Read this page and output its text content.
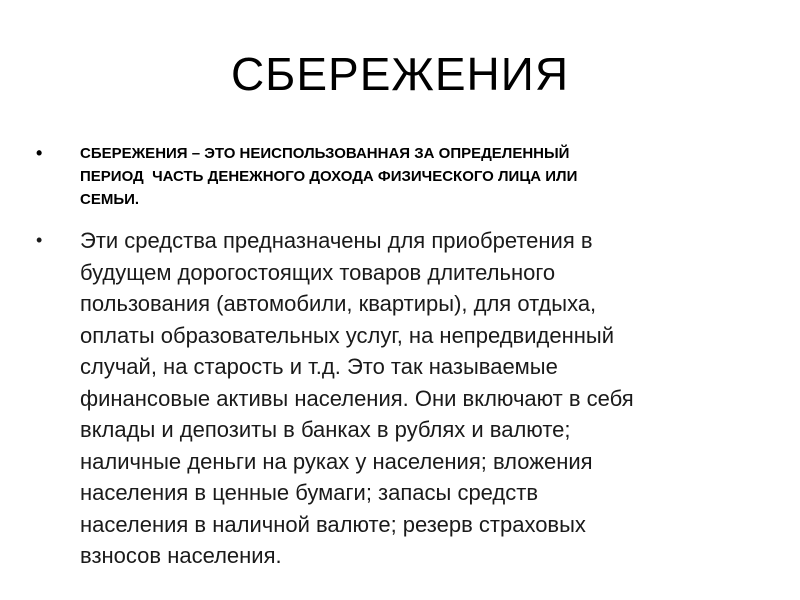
СБЕРЕЖЕНИЯ
•	СБЕРЕЖЕНИЯ – ЭТО НЕИСПОЛЬЗОВАННАЯ ЗА ОПРЕДЕЛЕННЫЙ
ПЕРИОД  ЧАСТЬ ДЕНЕЖНОГО ДОХОДА ФИЗИЧЕСКОГО ЛИЦА ИЛИ
СЕМЬИ.
• Эти средства предназначены для приобретения в
будущем дорогостоящих товаров длительного
пользования (автомобили, квартиры), для отдыха,
оплаты образовательных услуг, на непредвиденный
случай, на старость и т.д. Это так называемые
финансовые активы населения. Они включают в себя
вклады и депозиты в банках в рублях и валюте;
наличные деньги на руках у населения; вложения
населения в ценные бумаги; запасы средств
населения в наличной валюте; резерв страховых
взносов населения.
